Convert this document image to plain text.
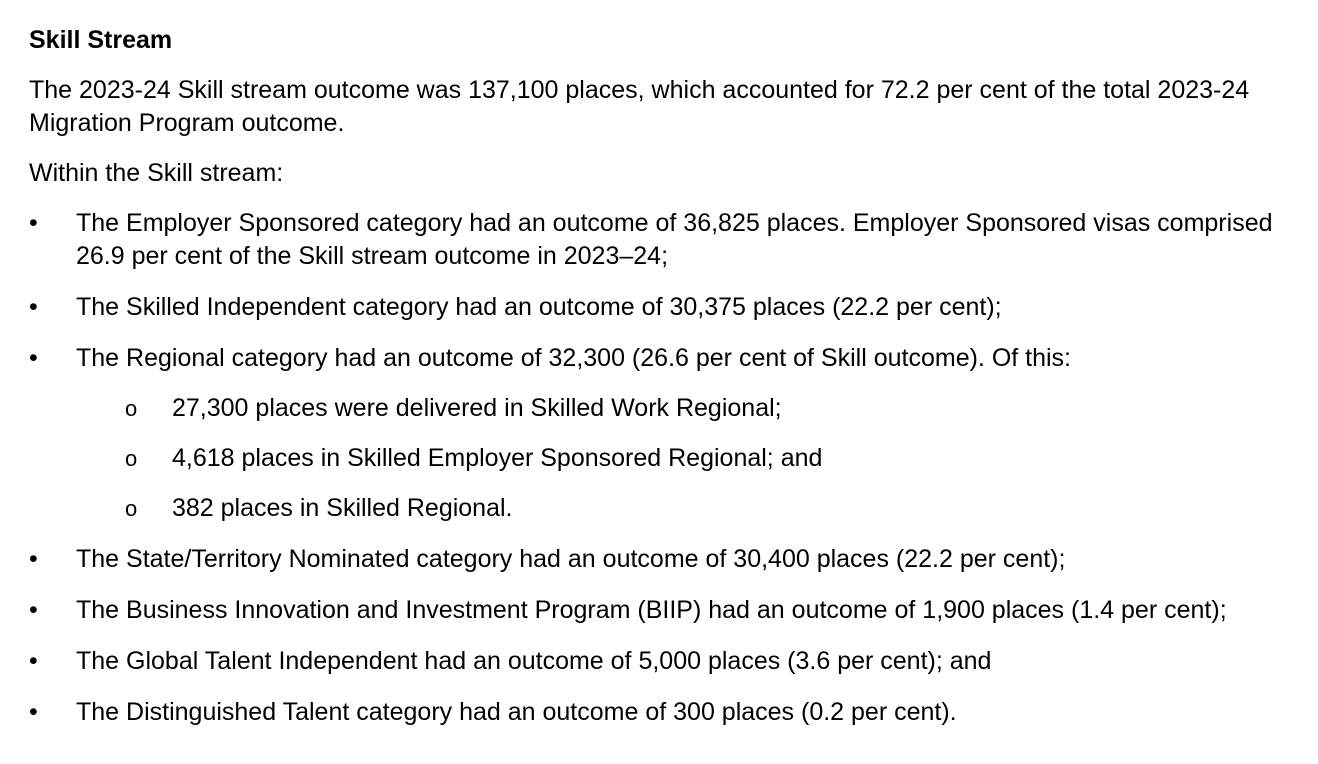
Skill Stream

The 2023-24 Skill stream outcome was 137,100 places, which accounted for 72.2 per cent of the total 2023-24 Migration Program outcome.

Within the Skill stream:

• The Employer Sponsored category had an outcome of 36,825 places. Employer Sponsored visas comprised 26.9 per cent of the Skill stream outcome in 2023–24;
• The Skilled Independent category had an outcome of 30,375 places (22.2 per cent);
• The Regional category had an outcome of 32,300 (26.6 per cent of Skill outcome). Of this:
o 27,300 places were delivered in Skilled Work Regional;
o 4,618 places in Skilled Employer Sponsored Regional; and
o 382 places in Skilled Regional.
• The State/Territory Nominated category had an outcome of 30,400 places (22.2 per cent);
• The Business Innovation and Investment Program (BIIP) had an outcome of 1,900 places (1.4 per cent);
• The Global Talent Independent had an outcome of 5,000 places (3.6 per cent); and
• The Distinguished Talent category had an outcome of 300 places (0.2 per cent).
